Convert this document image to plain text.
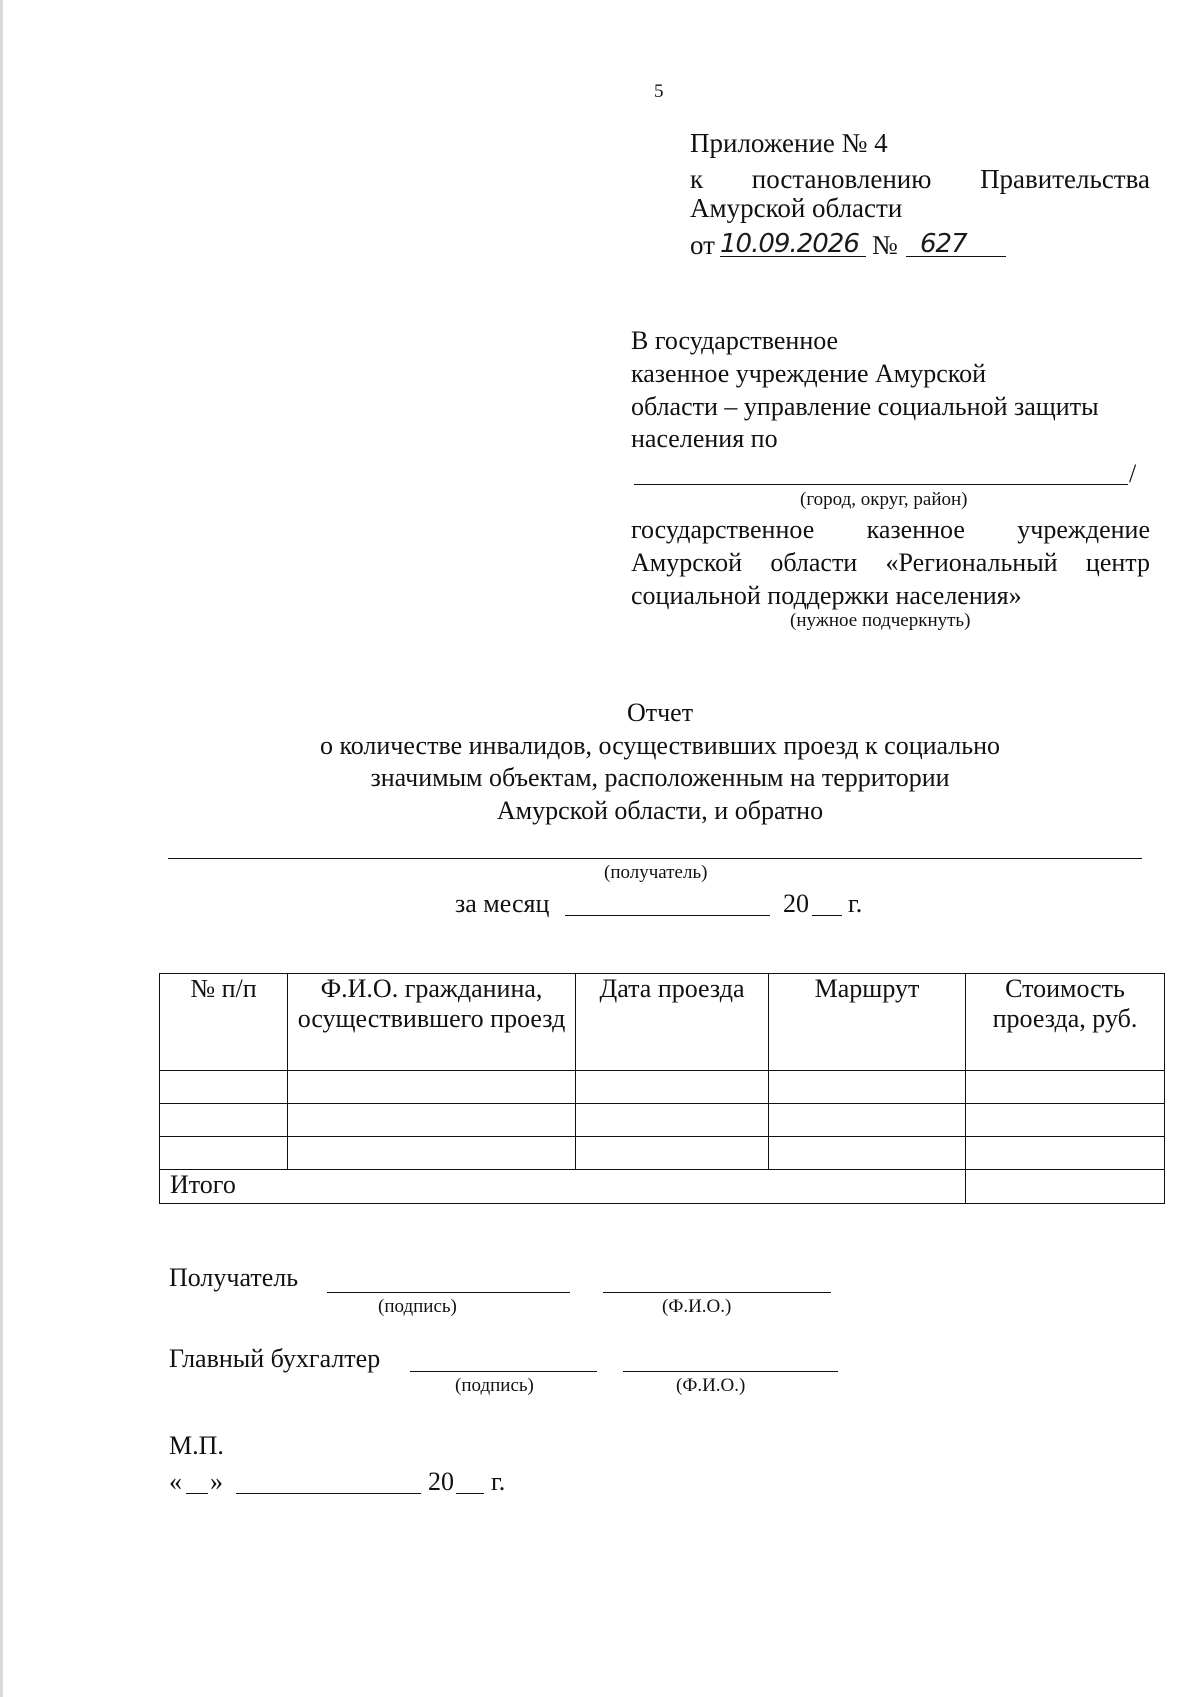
5
Приложение № 4
к постановлению Правительства
Амурской области
от 10.09.2026 № 627
В государственное
казенное учреждение Амурской
области – управление социальной защиты
населения по
/
(город, округ, район)
государственное казенное учреждение
Амурской области «Региональный центр
социальной поддержки населения»
(нужное подчеркнуть)
Отчет
о количестве инвалидов, осуществивших проезд к социально
значимым объектам, расположенным на территории
Амурской области, и обратно
(получатель)
за месяц	20 г.
№ п/п	Ф.И.О. гражданина, осуществившего проезд	Дата проезда	Маршрут	Стоимость проезда, руб.

Итого				
Получатель
(подпись)	(Ф.И.О.)
Главный бухгалтер
(подпись)	(Ф.И.О.)
М.П.
« »	20 г.
